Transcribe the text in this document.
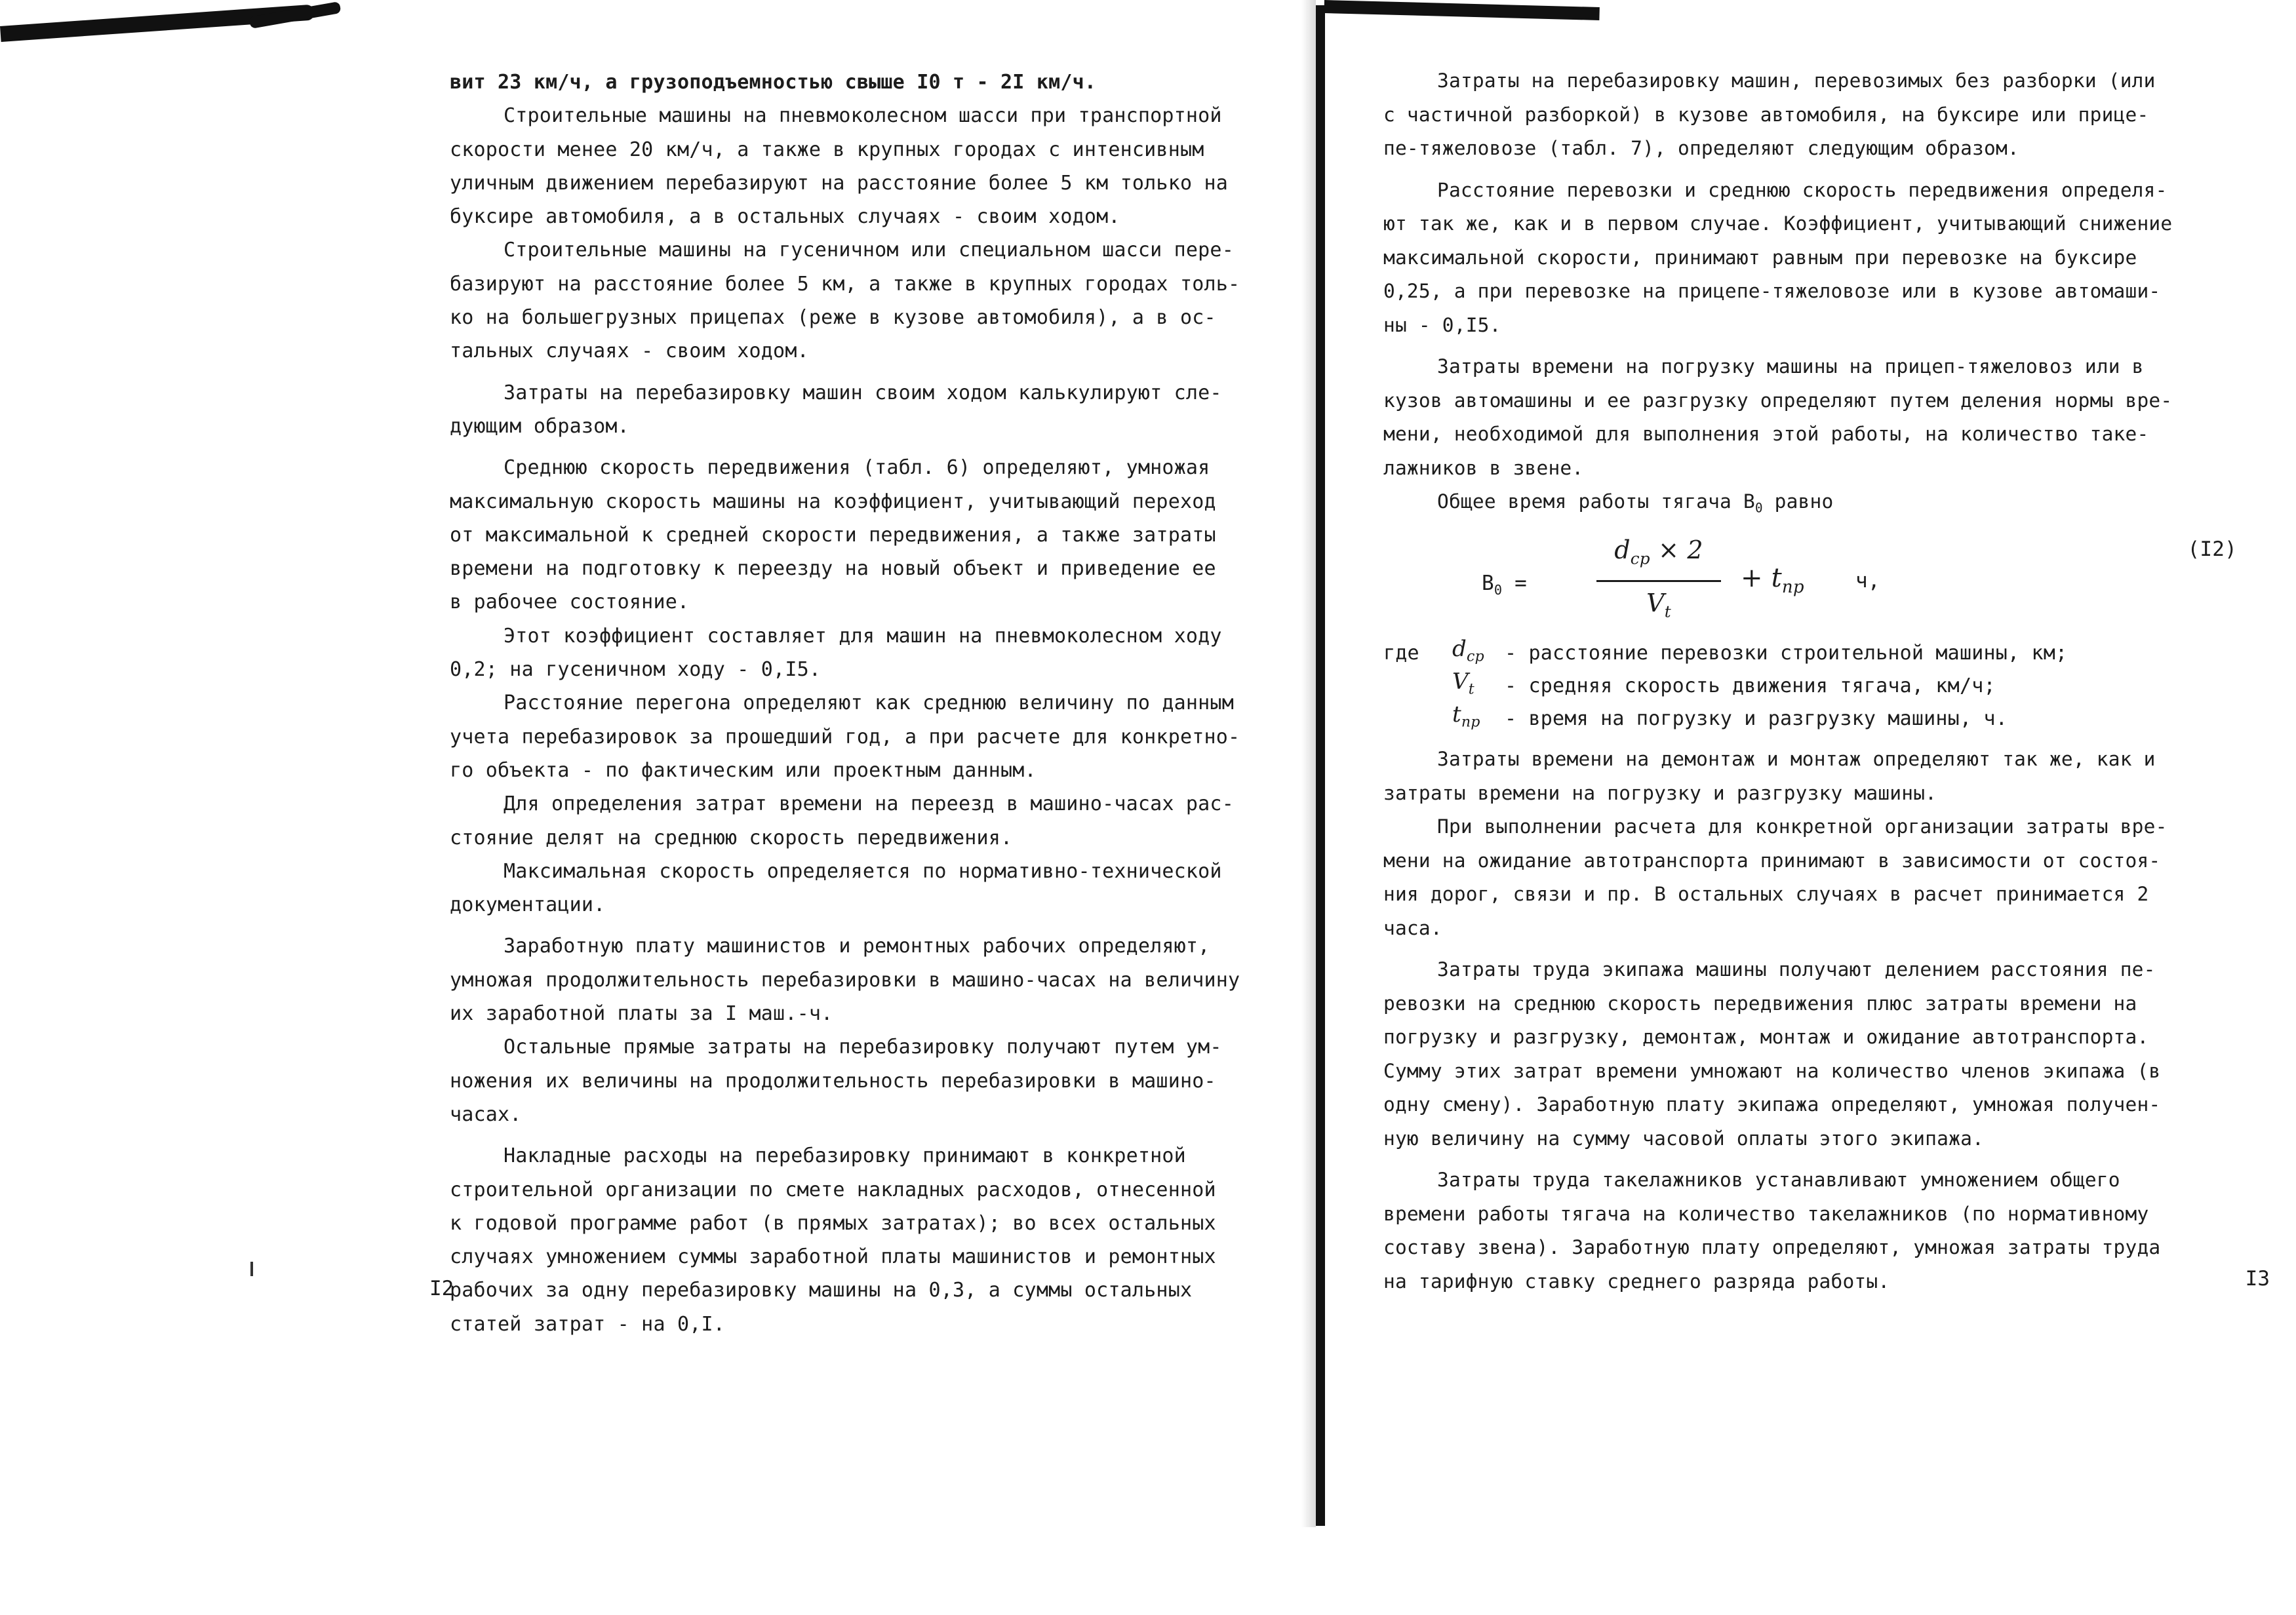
вит 23 км/ч, а грузоподъемностью свыше I0 т - 2I км/ч.

Строительные машины на пневмоколесном шасси при транспортной

скорости менее 20 км/ч, а также в крупных городах с интенсивным

уличным движением перебазируют на расстояние более 5 км только на

буксире автомобиля, а в остальных случаях - своим ходом.

Строительные машины на гусеничном или специальном шасси пере-

базируют на расстояние более 5 км, а также в крупных городах толь-

ко на большегрузных прицепах (реже в кузове автомобиля), а в ос-

тальных случаях - своим ходом.

Затраты на перебазировку машин своим ходом калькулируют сле-

дующим образом.

Среднюю скорость передвижения (табл. 6) определяют, умножая

максимальную скорость машины на коэффициент, учитывающий переход

от максимальной к средней скорости передвижения, а также затраты

времени на подготовку к переезду на новый объект и приведение ее

в рабочее состояние.

Этот коэффициент составляет для машин на пневмоколесном ходу

0,2; на гусеничном ходу - 0,I5.

Расстояние перегона определяют как среднюю величину по данным

учета перебазировок за прошедший год, а при расчете для конкретно-

го объекта - по фактическим или проектным данным.

Для определения затрат времени на переезд в машино-часах рас-

стояние делят на среднюю скорость передвижения.

Максимальная скорость определяется по нормативно-технической

документации.

Заработную плату машинистов и ремонтных рабочих определяют,

умножая продолжительность перебазировки в машино-часах на величину

их заработной платы за I маш.-ч.

Остальные прямые затраты на перебазировку получают путем ум-

ножения их величины на продолжительность перебазировки в машино-

часах.

Накладные расходы на перебазировку принимают в конкретной

строительной организации по смете накладных расходов, отнесенной

к годовой программе работ (в прямых затратах); во всех остальных

случаях умножением суммы заработной платы машинистов и ремонтных

рабочих за одну перебазировку машины на 0,3, а суммы остальных

статей затрат - на 0,I.

I2

Затраты на перебазировку машин, перевозимых без разборки (или

с частичной разборкой) в кузове автомобиля, на буксире или прице-

пе-тяжеловозе (табл. 7), определяют следующим образом.

Расстояние перевозки и среднюю скорость передвижения определя-

ют так же, как и в первом случае. Коэффициент, учитывающий снижение

максимальной скорости, принимают равным при перевозке на буксире

0,25, а при перевозке на прицепе-тяжеловозе или в кузове автомаши-

ны - 0,I5.

Затраты времени на погрузку машины на прицеп-тяжеловоз или в

кузов автомашины и ее разгрузку определяют путем деления нормы вре-

мени, необходимой для выполнения этой работы, на количество таке-

лажников в звене.

Общее время работы тягача $В_0$ равно

$В_0$ =
$d_{ср} \times 2$
$V_t$
+ $t_{пр}$	ч,
(I2)
где $d_{ср}$ - расстояние перевозки строительной машины, км;
$V_t$ - средняя скорость движения тягача, км/ч;
$t_{пр}$ - время на погрузку и разгрузку машины, ч.

Затраты времени на демонтаж и монтаж определяют так же, как и

затраты времени на погрузку и разгрузку машины.

При выполнении расчета для конкретной организации затраты вре-

мени на ожидание автотранспорта принимают в зависимости от состоя-

ния дорог, связи и пр. В остальных случаях в расчет принимается 2

часа.

Затраты труда экипажа машины получают делением расстояния пе-

ревозки на среднюю скорость передвижения плюс затраты времени на

погрузку и разгрузку, демонтаж, монтаж и ожидание автотранспорта.

Сумму этих затрат времени умножают на количество членов экипажа (в

одну смену). Заработную плату экипажа определяют, умножая получен-

ную величину на сумму часовой оплаты этого экипажа.

Затраты труда такелажников устанавливают умножением общего

времени работы тягача на количество такелажников (по нормативному

составу звена). Заработную плату определяют, умножая затраты труда

на тарифную ставку среднего разряда работы.	I3
